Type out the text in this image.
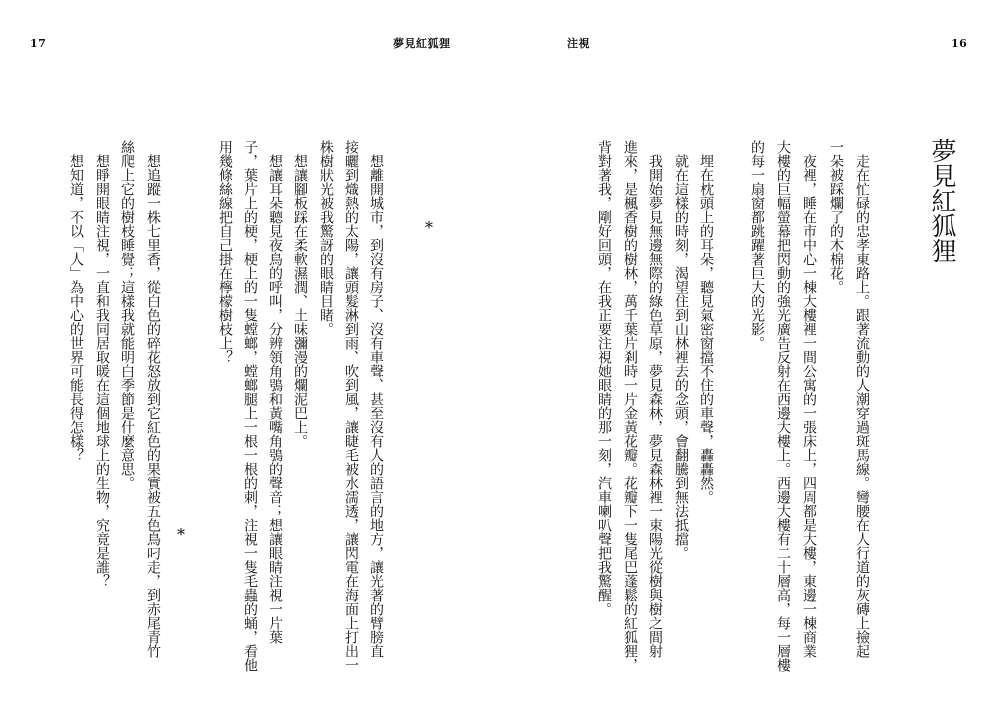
17	夢見紅狐狸
*
想離開城市，到沒有房子、沒有車聲、甚至沒有人的語言的地方，讓光著的臂膀直
接曬到熾熱的太陽，讓頭髮淋到雨、吹到風，讓睫毛被水濡透，讓閃電在海面上打出一
株樹狀光被我驚訝的眼睛目睹。
想讓腳板踩在柔軟濕潤、土味瀰漫的爛泥巴上。
想讓耳朵聽見夜鳥的呼叫，分辨領角鴞和黃嘴角鴞的聲音；想讓眼睛注視一片葉
子，葉片上的梗，梗上的一隻螳螂，螳螂腿上一根一根的刺，注視一隻毛蟲的蛹，看他
用幾條絲線把自己掛在檸檬樹枝上？
*
想追蹤一株七里香，從白色的碎花怒放到它紅色的果實被五色鳥叼走，到赤尾青竹
絲爬上它的樹枝睡覺；這樣我就能明白季節是什麼意思。
想睜開眼睛注視，一直和我同居取暖在這個地球上的生物，究竟是誰？
想知道，不以「人」為中心的世界可能長得怎樣？
注視	16
夢見紅狐狸
走在忙碌的忠孝東路上。跟著流動的人潮穿過斑馬線。彎腰在人行道的灰磚上撿起
一朵被踩爛了的木棉花。
夜裡，睡在市中心一棟大樓裡一間公寓的一張床上，四周都是大樓，東邊一棟商業
大樓的巨幅螢幕把閃動的強光廣告反射在西邊大樓上。西邊大樓有二十層高，每一層樓
的每一扇窗都跳躍著巨大的光影。
埋在枕頭上的耳朵，聽見氣密窗擋不住的車聲，轟轟然。
就在這樣的時刻，渴望住到山林裡去的念頭，會翻騰到無法抵擋。
我開始夢見無邊無際的綠色草原，夢見森林，夢見森林裡一束陽光從樹與樹之間射
進來，是楓香樹的樹林，萬千葉片剎時一片金黃花瓣。花瓣下一隻尾巴蓬鬆的紅狐狸，
背對著我，剛好回頭，在我正要注視她眼睛的那一刻，汽車喇叭聲把我驚醒。
